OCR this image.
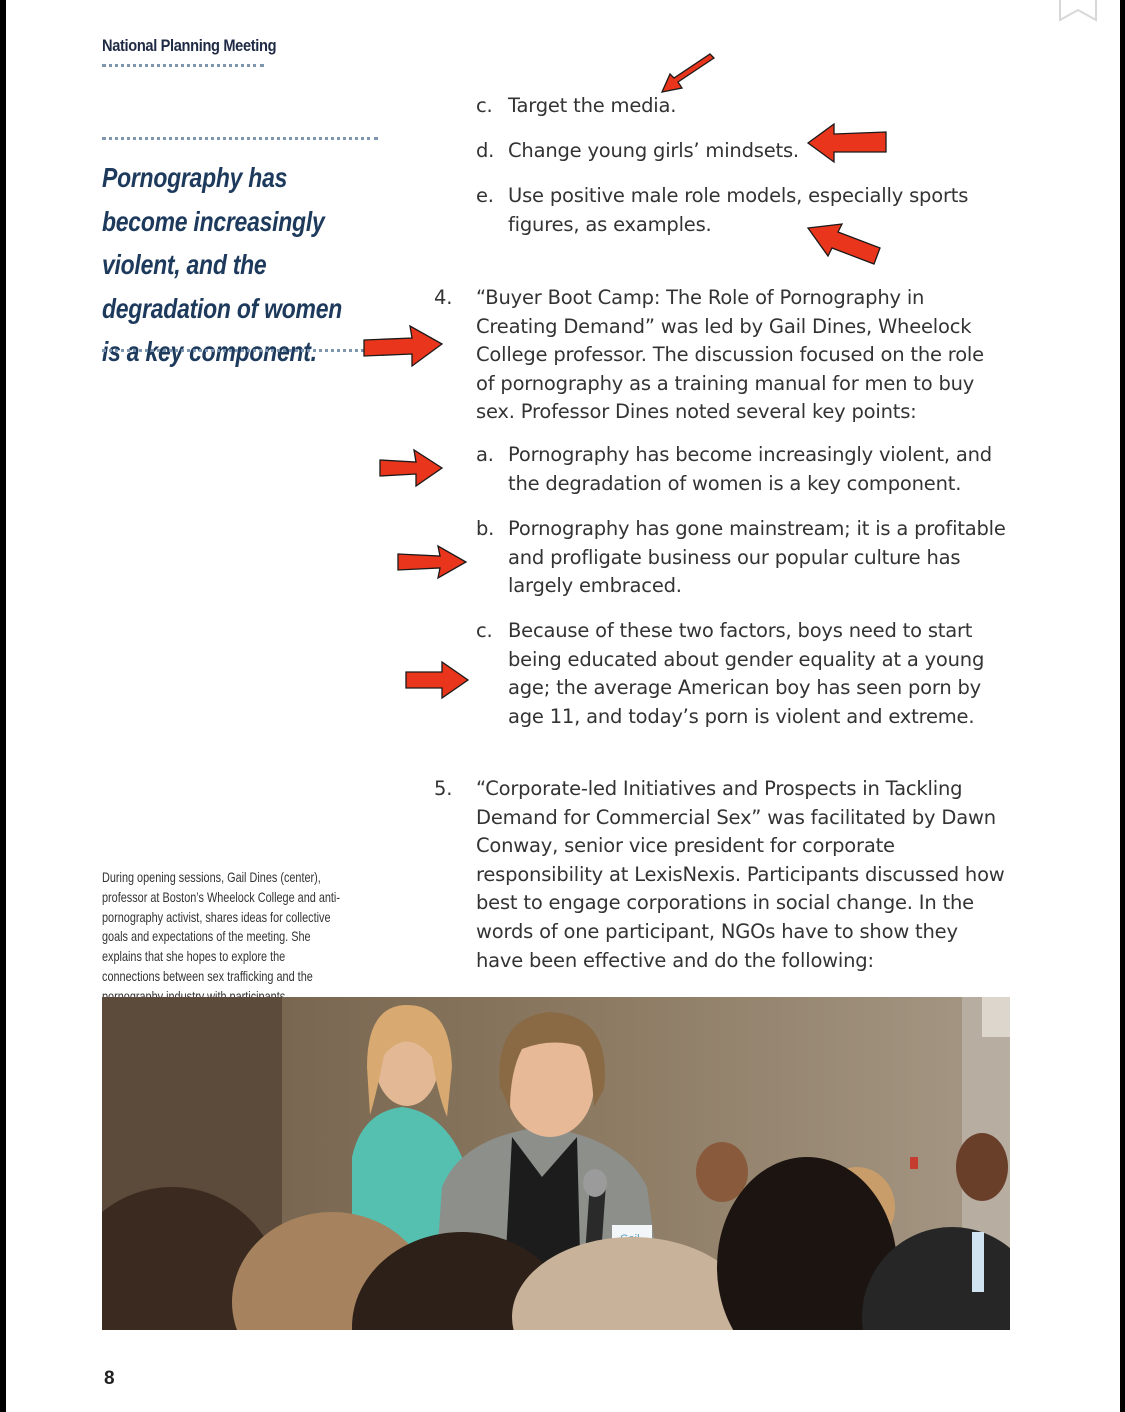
National Planning Meeting
Pornography has become increasingly violent, and the degradation of women is a key component.
c. Target the media.
d. Change young girls’ mindsets.
e. Use positive male role models, especially sports figures, as examples.
4. “Buyer Boot Camp: The Role of Pornography in Creating Demand” was led by Gail Dines, Wheelock College professor. The discussion focused on the role of pornography as a training manual for men to buy sex. Professor Dines noted several key points:
a. Pornography has become increasingly violent, and the degradation of women is a key component.
b. Pornography has gone mainstream; it is a profitable and profligate business our popular culture has largely embraced.
c. Because of these two factors, boys need to start being educated about gender equality at a young age; the average American boy has seen porn by age 11, and today’s porn is violent and extreme.
5. “Corporate-led Initiatives and Prospects in Tackling Demand for Commercial Sex” was facilitated by Dawn Conway, senior vice president for corporate responsibility at LexisNexis. Participants discussed how best to engage corporations in social change. In the words of one participant, NGOs have to show they have been effective and do the following:
During opening sessions, Gail Dines (center), professor at Boston’s Wheelock College and anti-pornography activist, shares ideas for collective goals and expectations of the meeting. She explains that she hopes to explore the connections between sex trafficking and the
8
